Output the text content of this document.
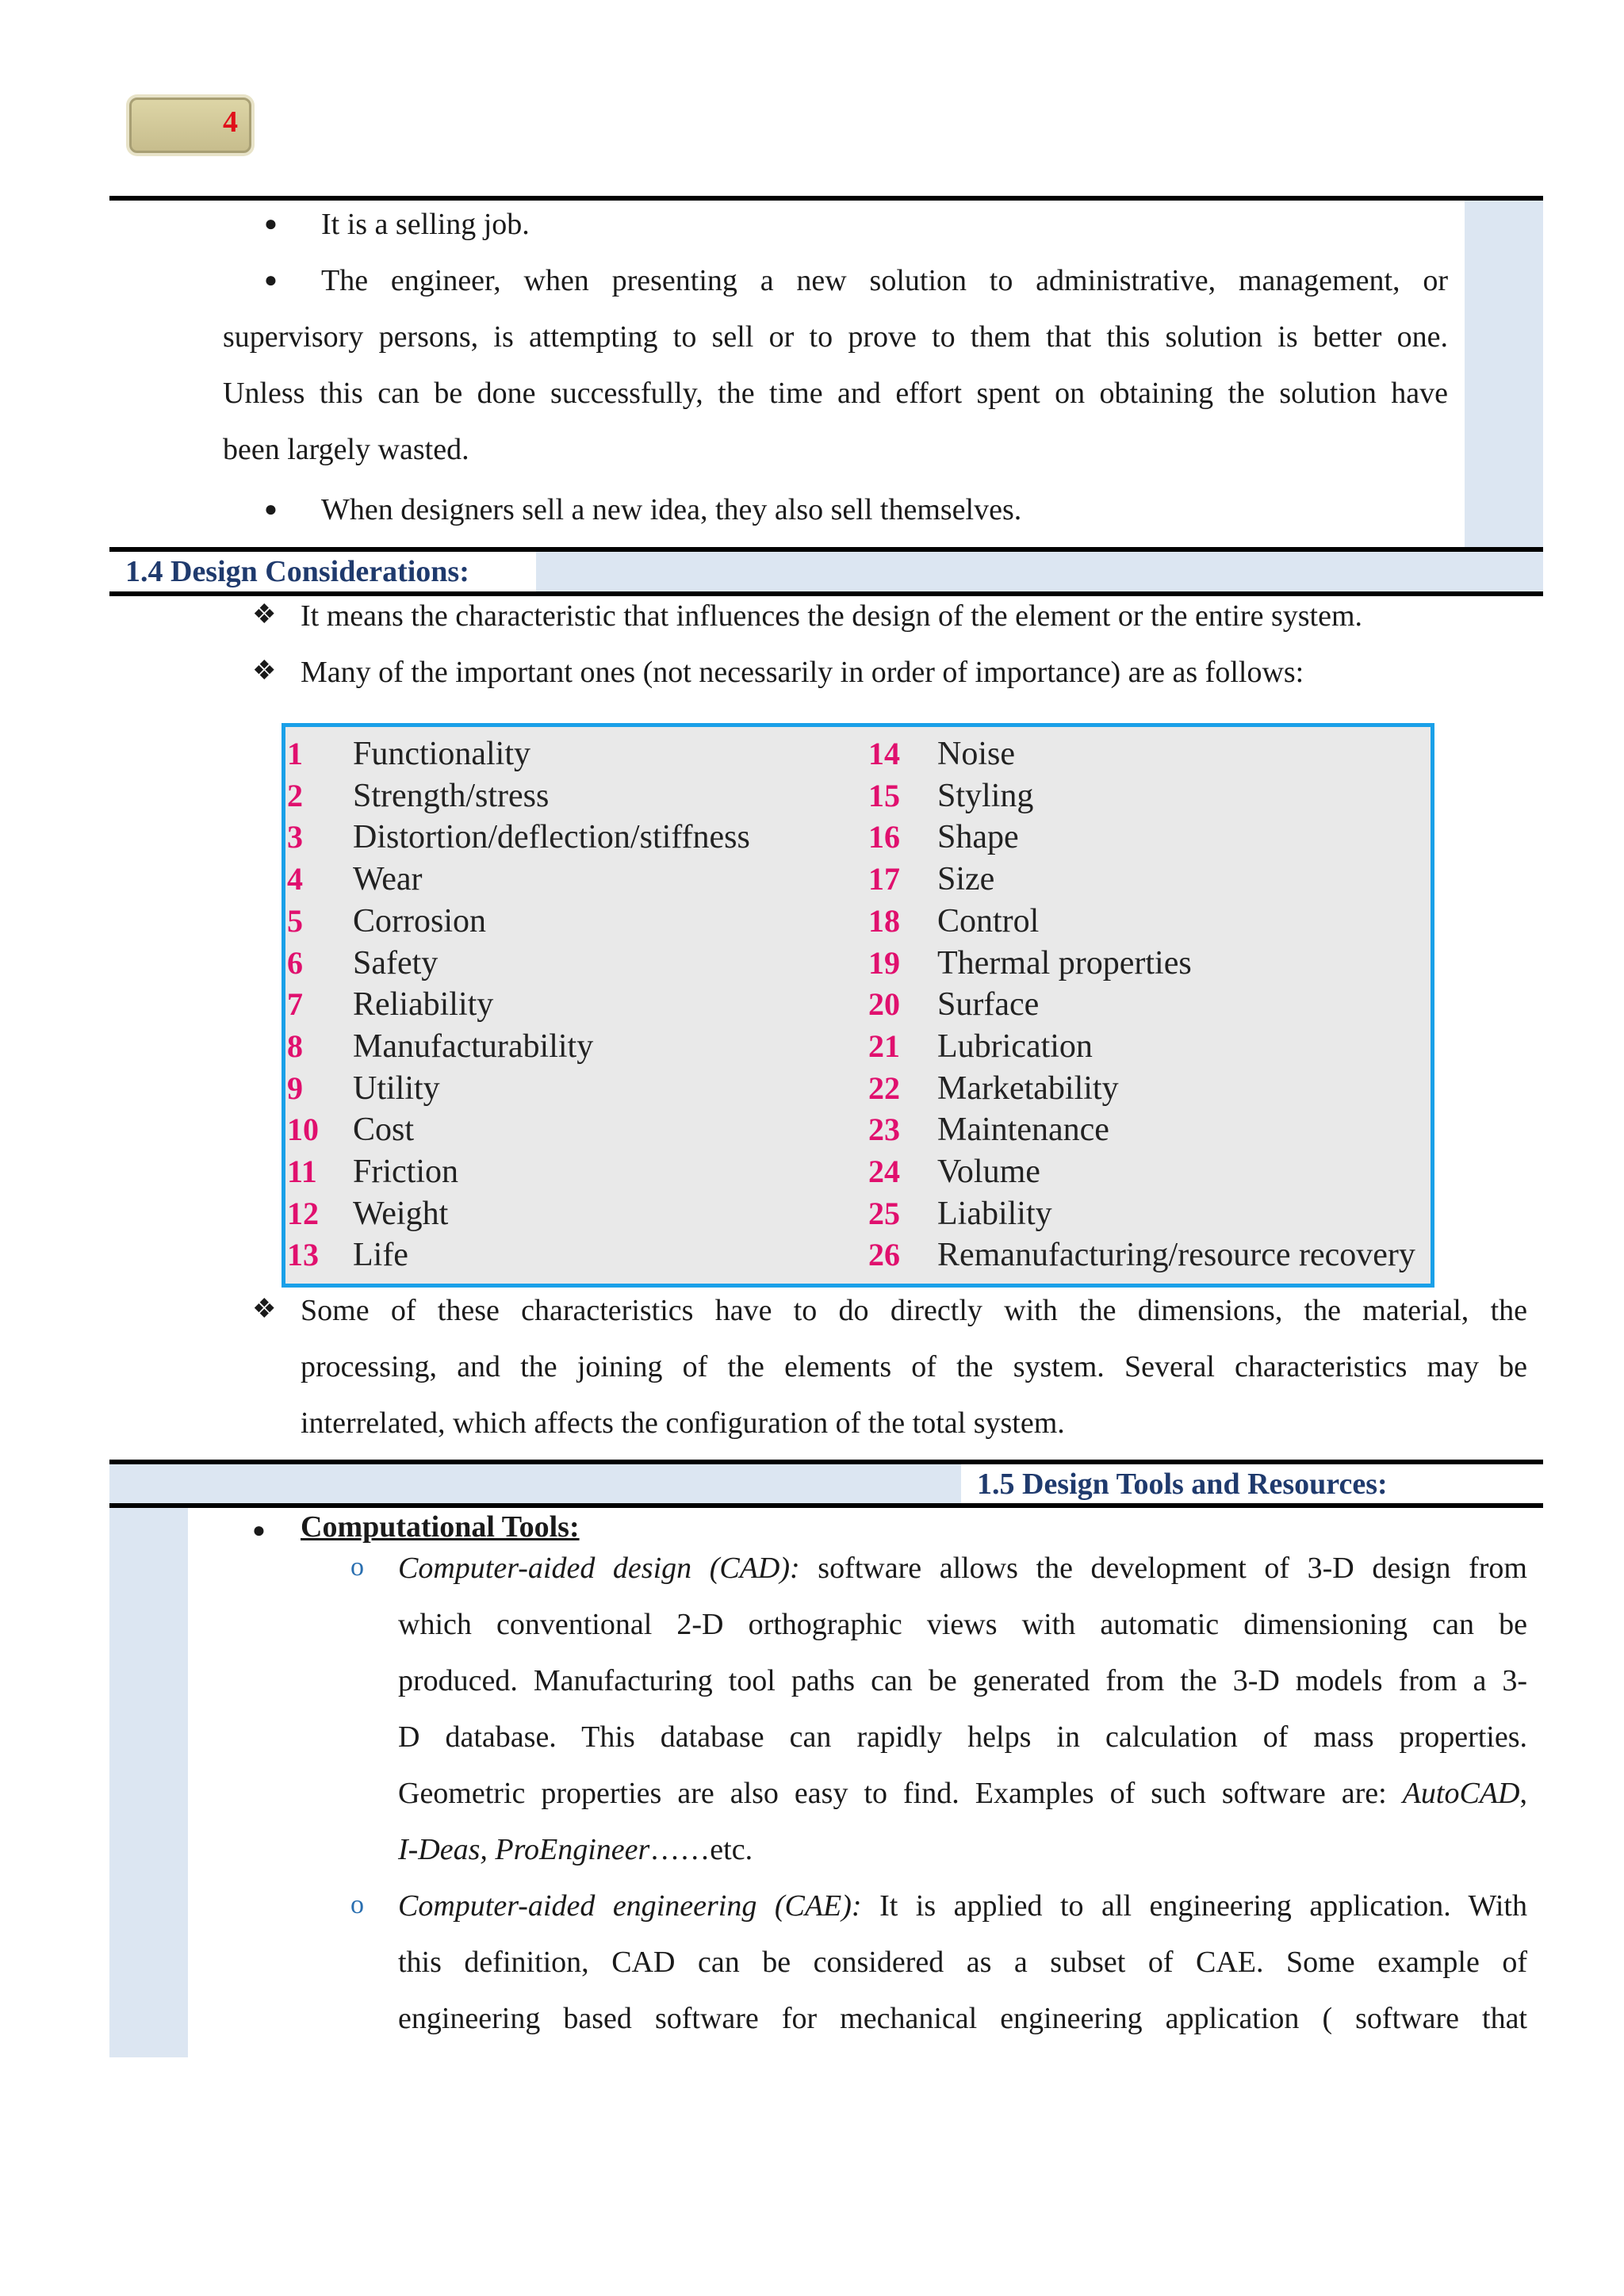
4
● It is a selling job.
● The engineer, when presenting a new solution to administrative, management, or
supervisory persons, is attempting to sell or to prove to them that this solution is better one.
Unless this can be done successfully, the time and effort spent on obtaining the solution have
been largely wasted.
● When designers sell a new idea, they also sell themselves.
1.4 Design Considerations:
❖ It means the characteristic that influences the design of the element or the entire system.
❖ Many of the important ones (not necessarily in order of importance) are as follows:
1 Functionality
2 Strength/stress
3 Distortion/deflection/stiffness
4 Wear
5 Corrosion
6 Safety
7 Reliability
8 Manufacturability
9 Utility
10 Cost
11 Friction
12 Weight
13 Life
14 Noise
15 Styling
16 Shape
17 Size
18 Control
19 Thermal properties
20 Surface
21 Lubrication
22 Marketability
23 Maintenance
24 Volume
25 Liability
26 Remanufacturing/resource recovery
❖ Some of these characteristics have to do directly with the dimensions, the material, the
processing, and the joining of the elements of the system. Several characteristics may be
interrelated, which affects the configuration of the total system.
1.5 Design Tools and Resources:
● Computational Tools:
o Computer-aided design (CAD): software allows the development of 3-D design from
which conventional 2-D orthographic views with automatic dimensioning can be
produced. Manufacturing tool paths can be generated from the 3-D models from a 3-
D database. This database can rapidly helps in calculation of mass properties.
Geometric properties are also easy to find. Examples of such software are: AutoCAD,
I-Deas, ProEngineer……etc.
o Computer-aided engineering (CAE): It is applied to all engineering application. With
this definition, CAD can be considered as a subset of CAE. Some example of
engineering based software for mechanical engineering application ( software that
